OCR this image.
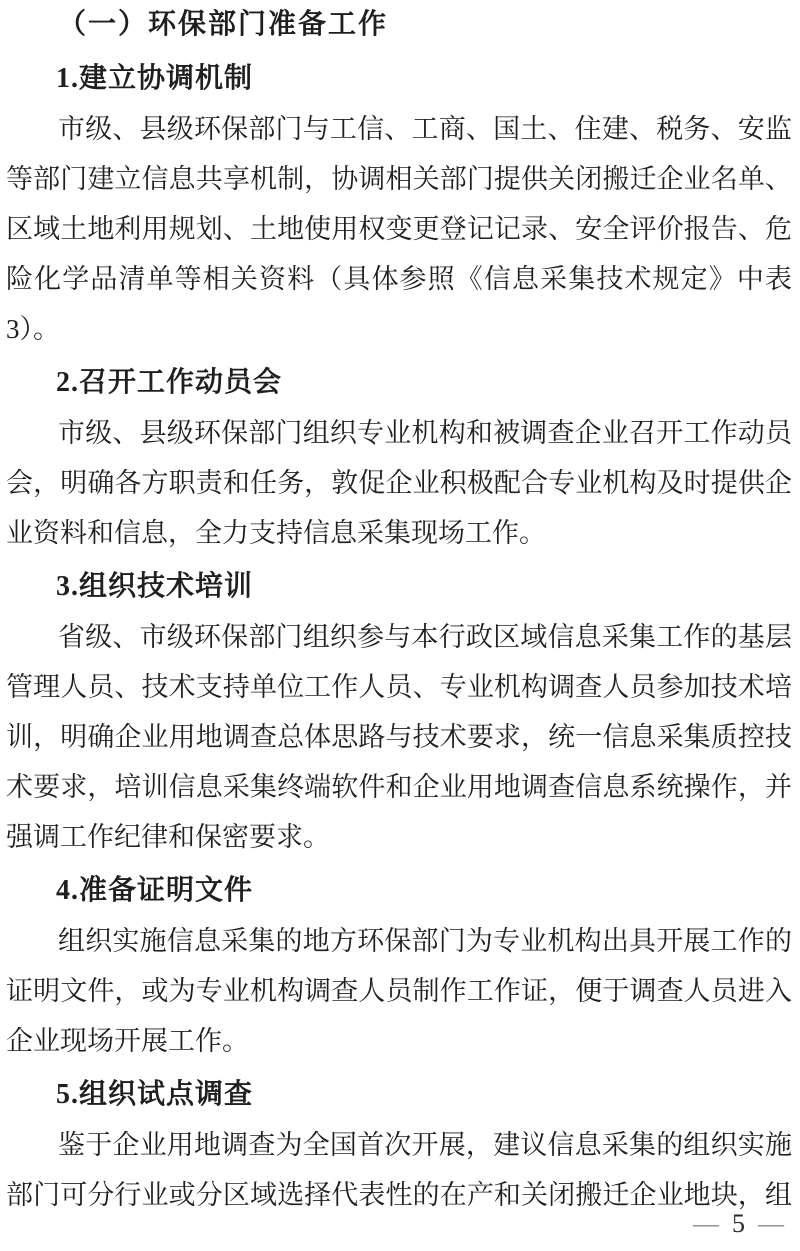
（一）环保部门准备工作
1.建立协调机制

市级、县级环保部门与工信、工商、国土、住建、税务、安监

等部门建立信息共享机制，协调相关部门提供关闭搬迁企业名单、

区域土地利用规划、土地使用权变更登记记录、安全评价报告、危

险化学品清单等相关资料（具体参照《信息采集技术规定》中表3）。

2.召开工作动员会

市级、县级环保部门组织专业机构和被调查企业召开工作动员

会，明确各方职责和任务，敦促企业积极配合专业机构及时提供企

业资料和信息，全力支持信息采集现场工作。

3.组织技术培训

省级、市级环保部门组织参与本行政区域信息采集工作的基层

管理人员、技术支持单位工作人员、专业机构调查人员参加技术培

训，明确企业用地调查总体思路与技术要求，统一信息采集质控技

术要求，培训信息采集终端软件和企业用地调查信息系统操作，并

强调工作纪律和保密要求。

4.准备证明文件

组织实施信息采集的地方环保部门为专业机构出具开展工作的

证明文件，或为专业机构调查人员制作工作证，便于调查人员进入

企业现场开展工作。

5.组织试点调查

鉴于企业用地调查为全国首次开展，建议信息采集的组织实施

部门可分行业或分区域选择代表性的在产和关闭搬迁企业地块，组

— 5 —
